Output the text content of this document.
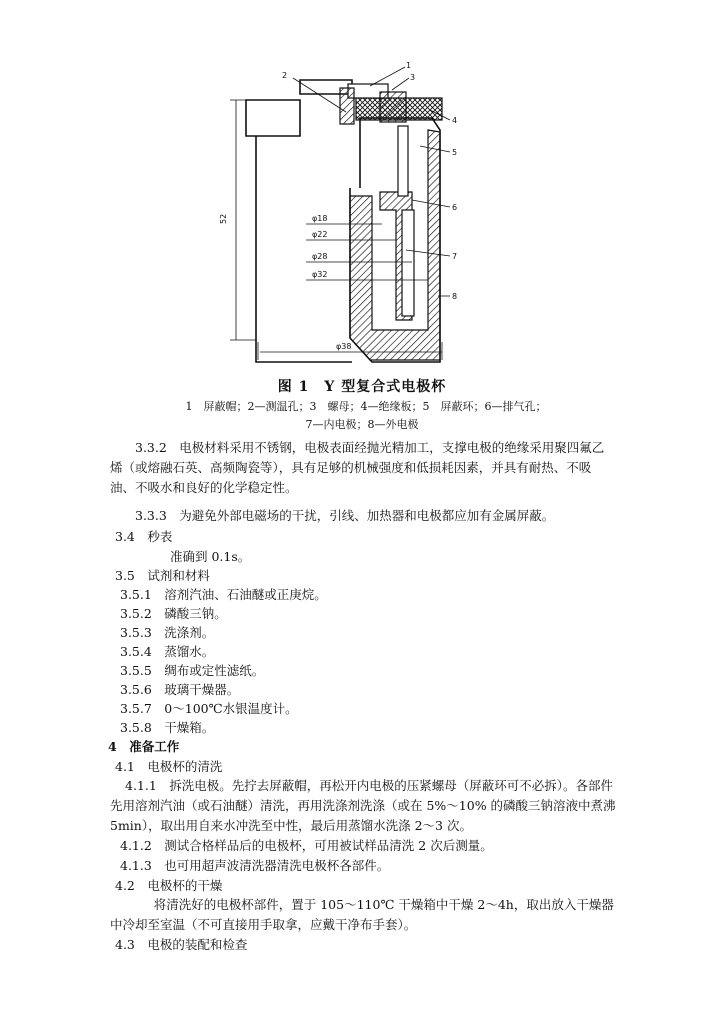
2
1
3
4
5
6
7
8
52	φ18
φ22
φ28
φ32
φ38
图 1　Y 型复合式电极杯
1　屏蔽帽；2—测温孔；3　螺母；4—绝缘板；5　屏蔽环；6—排气孔；
7—内电极；8—外电极
3.3.2　电极材料采用不锈钢，电极表面经抛光精加工，支撑电极的绝缘采用聚四氟乙烯（或熔融石英、高频陶瓷等），具有足够的机械强度和低损耗因素，并具有耐热、不吸油、不吸水和良好的化学稳定性。
3.3.3　为避免外部电磁场的干扰，引线、加热器和电极都应加有金属屏蔽。
3.4　秒表
准确到 0.1s。
3.5　试剂和材料
3.5.1　溶剂汽油、石油醚或正庚烷。
3.5.2　磷酸三钠。
3.5.3　洗涤剂。
3.5.4　蒸馏水。
3.5.5　绸布或定性滤纸。
3.5.6　玻璃干燥器。
3.5.7　0～100℃水银温度计。
3.5.8　干燥箱。
4　准备工作
4.1　电极杯的清洗
4.1.1　拆洗电极。先拧去屏蔽帽，再松开内电极的压紧螺母（屏蔽环可不必拆）。各部件先用溶剂汽油（或石油醚）清洗，再用洗涤剂洗涤（或在 5%～10% 的磷酸三钠溶液中煮沸 5min），取出用自来水冲洗至中性，最后用蒸馏水洗涤 2～3 次。
4.1.2　测试合格样品后的电极杯，可用被试样品清洗 2 次后测量。
4.1.3　也可用超声波清洗器清洗电极杯各部件。
4.2　电极杯的干燥
将清洗好的电极杯部件，置于 105～110℃ 干燥箱中干燥 2～4h，取出放入干燥器中冷却至室温（不可直接用手取拿，应戴干净布手套）。
4.3　电极的装配和检查
